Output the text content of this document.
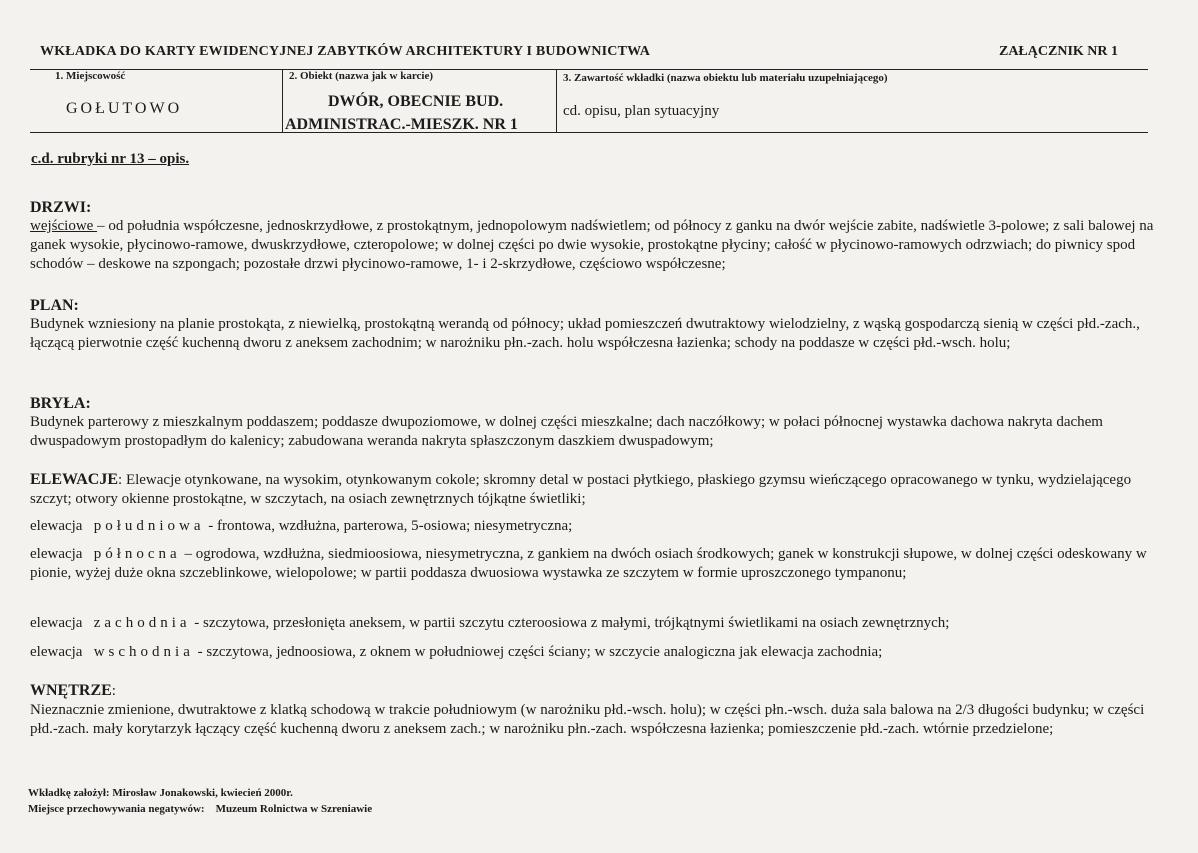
WKŁADKA DO KARTY EWIDENCYJNEJ ZABYTKÓW ARCHITEKTURY I BUDOWNICTWA	ZAŁĄCZNIK NR 1
1. Miejscowość
GOŁUTOWO
2. Obiekt (nazwa jak w karcie)
DWÓR, OBECNIE BUD.
ADMINISTRAC.-MIESZK. NR 1
3. Zawartość wkładki (nazwa obiektu lub materiału uzupełniającego)
cd. opisu, plan sytuacyjny
c.d. rubryki nr 13 – opis.
DRZWI:

wejściowe – od południa współczesne, jednoskrzydłowe, z prostokątnym, jednopolowym nadświetlem; od północy z ganku na dwór wejście zabite, nadświetle 3-polowe; z sali balowej na ganek wysokie, płycinowo-ramowe, dwuskrzydłowe, czteropolowe; w dolnej części po dwie wysokie, prostokątne płyciny; całość w płycinowo-ramowych odrzwiach; do piwnicy spod schodów – deskowe na szpongach; pozostałe drzwi płycinowo-ramowe, 1- i 2-skrzydłowe, częściowo współczesne;

PLAN:

Budynek wzniesiony na planie prostokąta, z niewielką, prostokątną werandą od północy; układ pomieszczeń dwutraktowy wielodzielny, z wąską gospodarczą sienią w części płd.-zach., łączącą pierwotnie część kuchenną dworu z aneksem zachodnim; w narożniku płn.-zach. holu współczesna łazienka; schody na poddasze w części płd.-wsch. holu;

BRYŁA:

Budynek parterowy z mieszkalnym poddaszem; poddasze dwupoziomowe, w dolnej części mieszkalne; dach naczółkowy; w połaci północnej wystawka dachowa nakryta dachem dwuspadowym prostopadłym do kalenicy; zabudowana weranda nakryta spłaszczonym daszkiem dwuspadowym;

ELEWACJE: Elewacje otynkowane, na wysokim, otynkowanym cokole; skromny detal w postaci płytkiego, płaskiego gzymsu wieńczącego opracowanego w tynku, wydzielającego szczyt; otwory okienne prostokątne, w szczytach, na osiach zewnętrznych tójkątne świetliki;

elewacja południowa - frontowa, wzdłużna, parterowa, 5-osiowa; niesymetryczna;

elewacja północna – ogrodowa, wzdłużna, siedmioosiowa, niesymetryczna, z gankiem na dwóch osiach środkowych; ganek w konstrukcji słupowe, w dolnej części odeskowany w pionie, wyżej duże okna szczeblinkowe, wielopolowe; w partii poddasza dwuosiowa wystawka ze szczytem w formie uproszczonego tympanonu;

elewacja zachodnia - szczytowa, przesłonięta aneksem, w partii szczytu czteroosiowa z małymi, trójkątnymi świetlikami na osiach zewnętrznych;

elewacja wschodnia - szczytowa, jednoosiowa, z oknem w południowej części ściany; w szczycie analogiczna jak elewacja zachodnia;

WNĘTRZE:

Nieznacznie zmienione, dwutraktowe z klatką schodową w trakcie południowym (w narożniku płd.-wsch. holu); w części płn.-wsch. duża sala balowa na 2/3 długości budynku; w części płd.-zach. mały korytarzyk łączący część kuchenną dworu z aneksem zach.; w narożniku płn.-zach. współczesna łazienka; pomieszczenie płd.-zach. wtórnie przedzielone;

Wkładkę założył: Mirosław Jonakowski, kwiecień 2000r.
Miejsce przechowywania negatywów: Muzeum Rolnictwa w Szreniawie
